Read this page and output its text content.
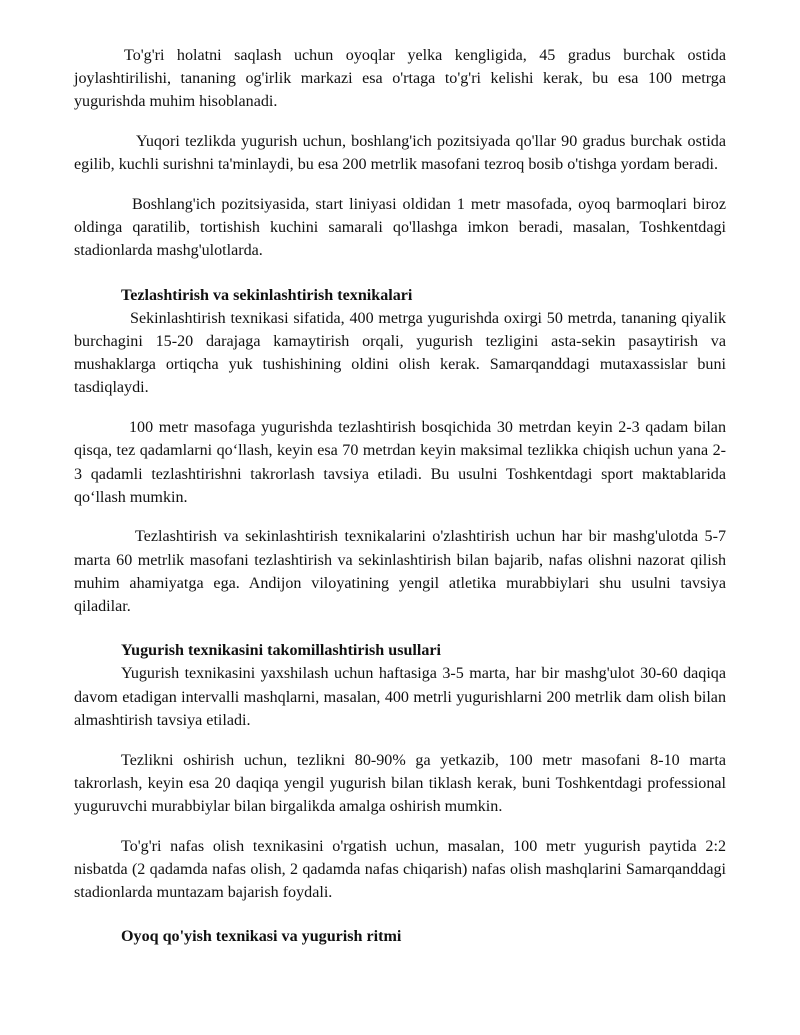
To'g'ri holatni saqlash uchun oyoqlar yelka kengligida, 45 gradus burchak ostida joylashtirilishi, tananing og'irlik markazi esa o'rtaga to'g'ri kelishi kerak, bu esa 100 metrga yugurishda muhim hisoblanadi.

Yuqori tezlikda yugurish uchun, boshlang'ich pozitsiyada qo'llar 90 gradus burchak ostida egilib, kuchli surishni ta'minlaydi, bu esa 200 metrlik masofani tezroq bosib o'tishga yordam beradi.

Boshlang'ich pozitsiyasida, start liniyasi oldidan 1 metr masofada, oyoq barmoqlari biroz oldinga qaratilib, tortishish kuchini samarali qo'llashga imkon beradi, masalan, Toshkentdagi stadionlarda mashg'ulotlarda.

Tezlashtirish va sekinlashtirish texnikalari

Sekinlashtirish texnikasi sifatida, 400 metrga yugurishda oxirgi 50 metrda, tananing qiyalik burchagini 15-20 darajaga kamaytirish orqali, yugurish tezligini asta-sekin pasaytirish va mushaklarga ortiqcha yuk tushishining oldini olish kerak. Samarqanddagi mutaxassislar buni tasdiqlaydi.

100 metr masofaga yugurishda tezlashtirish bosqichida 30 metrdan keyin 2-3 qadam bilan qisqa, tez qadamlarni qo‘llash, keyin esa 70 metrdan keyin maksimal tezlikka chiqish uchun yana 2-3 qadamli tezlashtirishni takrorlash tavsiya etiladi. Bu usulni Toshkentdagi sport maktablarida qo‘llash mumkin.

Tezlashtirish va sekinlashtirish texnikalarini o'zlashtirish uchun har bir mashg'ulotda 5-7 marta 60 metrlik masofani tezlashtirish va sekinlashtirish bilan bajarib, nafas olishni nazorat qilish muhim ahamiyatga ega. Andijon viloyatining yengil atletika murabbiylari shu usulni tavsiya qiladilar.

Yugurish texnikasini takomillashtirish usullari

Yugurish texnikasini yaxshilash uchun haftasiga 3-5 marta, har bir mashg'ulot 30-60 daqiqa davom etadigan intervalli mashqlarni, masalan, 400 metrli yugurishlarni 200 metrlik dam olish bilan almashtirish tavsiya etiladi.

Tezlikni oshirish uchun, tezlikni 80-90% ga yetkazib, 100 metr masofani 8-10 marta takrorlash, keyin esa 20 daqiqa yengil yugurish bilan tiklash kerak, buni Toshkentdagi professional yuguruvchi murabbiylar bilan birgalikda amalga oshirish mumkin.

To'g'ri nafas olish texnikasini o'rgatish uchun, masalan, 100 metr yugurish paytida 2:2 nisbatda (2 qadamda nafas olish, 2 qadamda nafas chiqarish) nafas olish mashqlarini Samarqanddagi stadionlarda muntazam bajarish foydali.

Oyoq qo'yish texnikasi va yugurish ritmi
